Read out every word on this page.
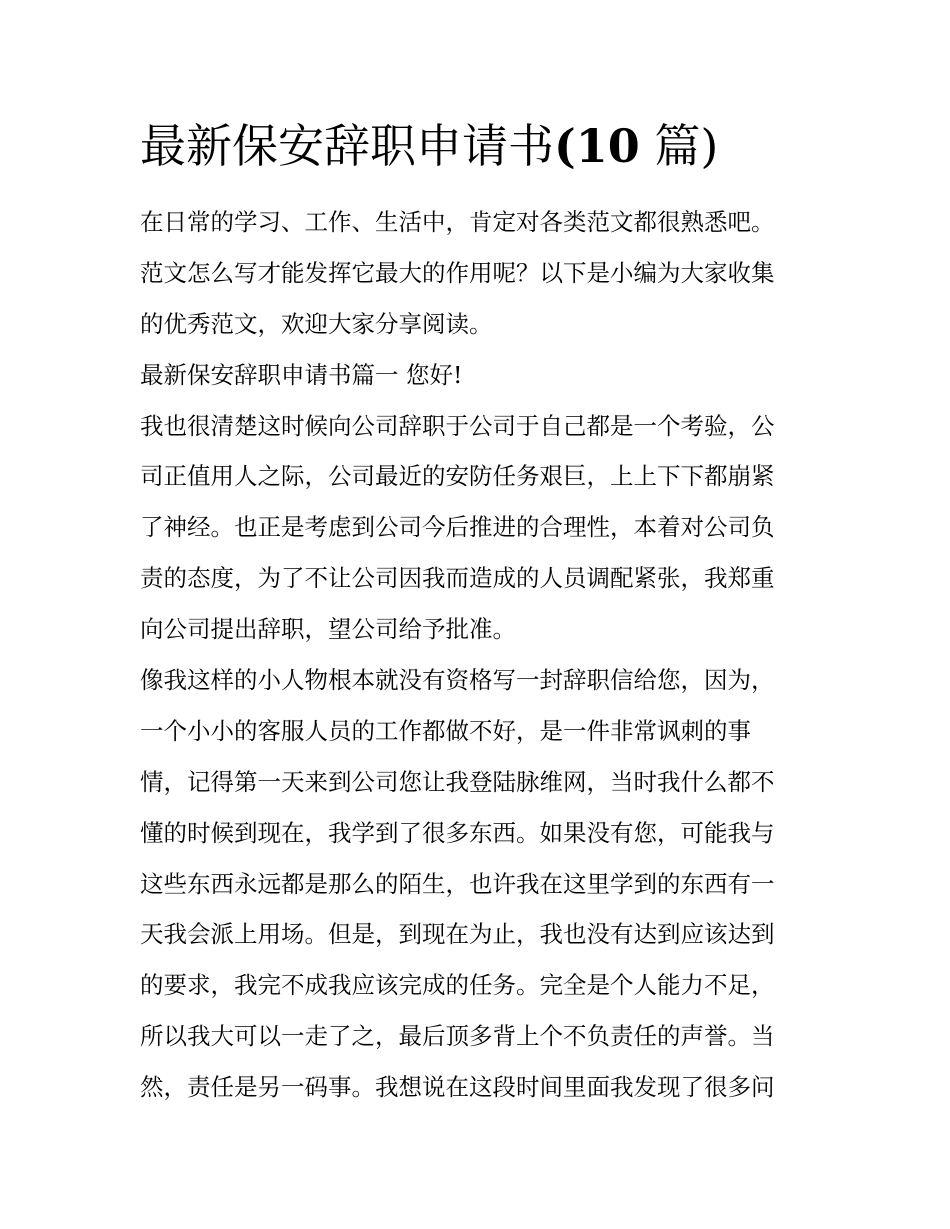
最新保安辞职申请书(10 篇)
在日常的学习、工作、生活中，肯定对各类范文都很熟悉吧。
范文怎么写才能发挥它最大的作用呢？以下是小编为大家收集
的优秀范文，欢迎大家分享阅读。
最新保安辞职申请书篇一 您好!
我也很清楚这时候向公司辞职于公司于自己都是一个考验，公
司正值用人之际，公司最近的安防任务艰巨，上上下下都崩紧
了神经。也正是考虑到公司今后推进的合理性，本着对公司负
责的态度，为了不让公司因我而造成的人员调配紧张，我郑重
向公司提出辞职，望公司给予批准。
像我这样的小人物根本就没有资格写一封辞职信给您，因为，
一个小小的客服人员的工作都做不好，是一件非常讽刺的事
情，记得第一天来到公司您让我登陆脉维网，当时我什么都不
懂的时候到现在，我学到了很多东西。如果没有您，可能我与
这些东西永远都是那么的陌生，也许我在这里学到的东西有一
天我会派上用场。但是，到现在为止，我也没有达到应该达到
的要求，我完不成我应该完成的任务。完全是个人能力不足，
所以我大可以一走了之，最后顶多背上个不负责任的声誉。当
然，责任是另一码事。我想说在这段时间里面我发现了很多问
